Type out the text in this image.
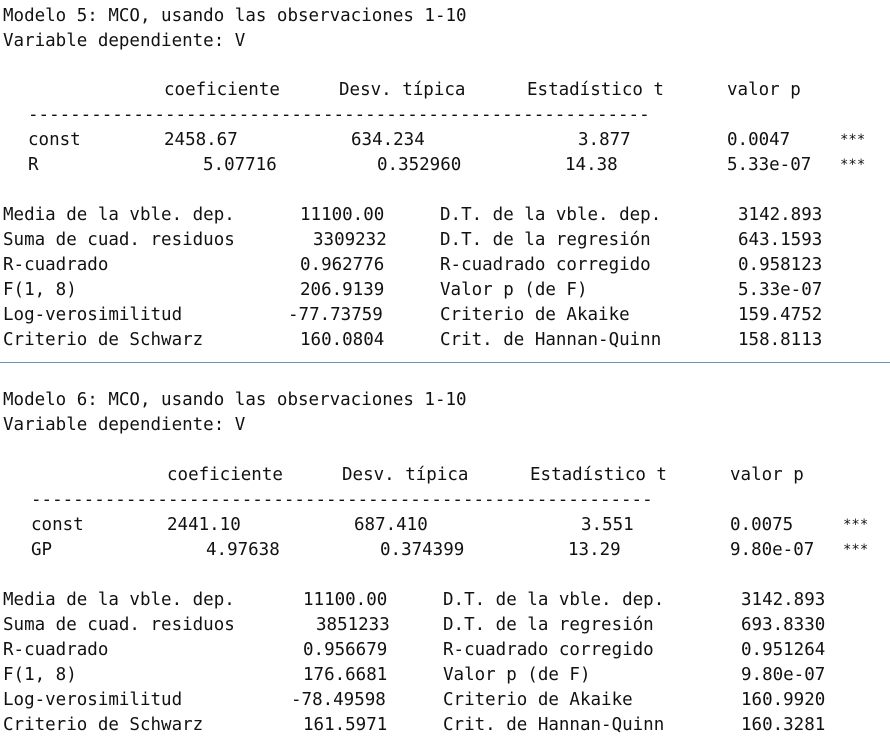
Modelo 5: MCO, usando las observaciones 1-10
Variable dependiente: V
coeficiente	Desv. típica	Estadístico t	valor p
-----------------------------------------------------------
const	2458.67	634.234	3.877	0.0047	***
R	5.07716	0.352960	14.38	5.33e-07 ***
Media de la vble. dep.	11100.00	D.T. de la vble. dep.	3142.893
Suma de cuad. residuos	3309232	D.T. de la regresión	643.1593
R-cuadrado	0.962776	R-cuadrado corregido	0.958123
F(1, 8)	206.9139	Valor p (de F)	5.33e-07
Log-verosimilitud	-77.73759	Criterio de Akaike	159.4752
Criterio de Schwarz	160.0804	Crit. de Hannan-Quinn	158.8113
Modelo 6: MCO, usando las observaciones 1-10
Variable dependiente: V
coeficiente	Desv. típica	Estadístico t	valor p
-----------------------------------------------------------
const	2441.10	687.410	3.551	0.0075	***
GP	4.97638	0.374399	13.29	9.80e-07 ***
Media de la vble. dep.	11100.00	D.T. de la vble. dep.	3142.893
Suma de cuad. residuos	3851233	D.T. de la regresión	693.8330
R-cuadrado	0.956679	R-cuadrado corregido	0.951264
F(1, 8)	176.6681	Valor p (de F)	9.80e-07
Log-verosimilitud	-78.49598	Criterio de Akaike	160.9920
Criterio de Schwarz	161.5971	Crit. de Hannan-Quinn	160.3281
